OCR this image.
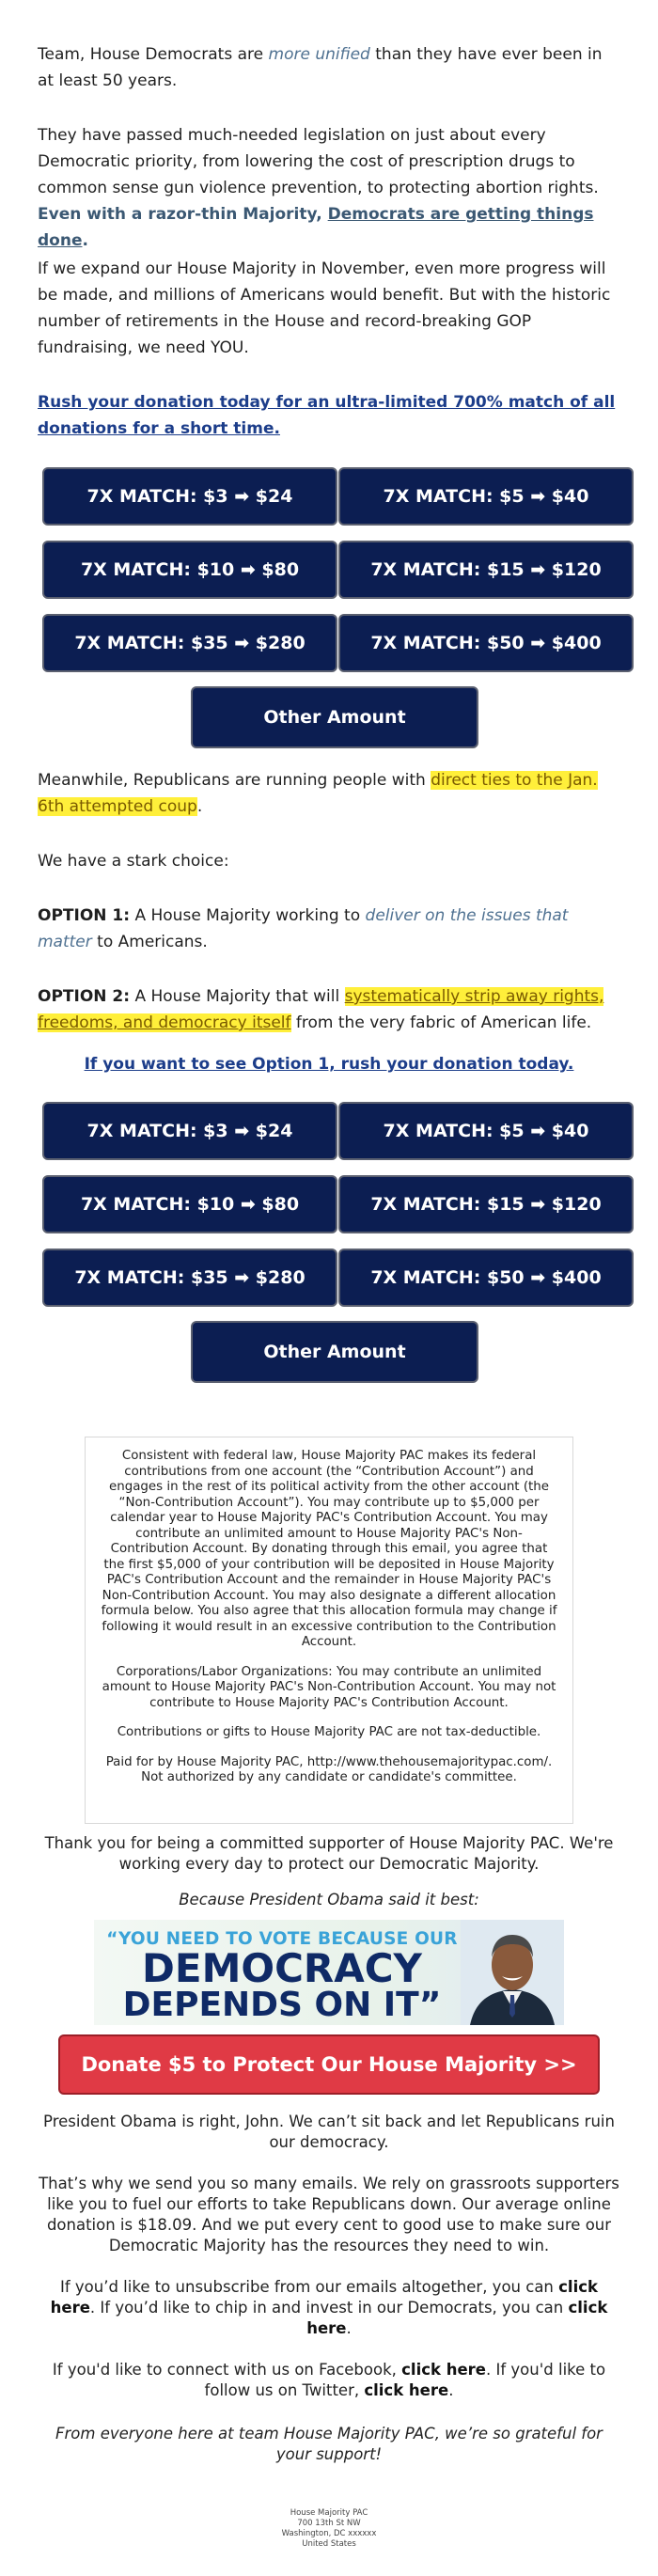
Team, House Democrats are more unified than they have ever been in at least 50 years.

They have passed much-needed legislation on just about every Democratic priority, from lowering the cost of prescription drugs to common sense gun violence prevention, to protecting abortion rights. Even with a razor-thin Majority, Democrats are getting things done.

If we expand our House Majority in November, even more progress will be made, and millions of Americans would benefit. But with the historic number of retirements in the House and record-breaking GOP fundraising, we need YOU.

Rush your donation today for an ultra-limited 700% match of all donations for a short time.

7X MATCH: $3 ➡ $24	7X MATCH: $5 ➡ $40
7X MATCH: $10 ➡ $80	7X MATCH: $15 ➡ $120
7X MATCH: $35 ➡ $280	7X MATCH: $50 ➡ $400
Other Amount

Meanwhile, Republicans are running people with direct ties to the Jan. 6th attempted coup.

We have a stark choice:

OPTION 1: A House Majority working to deliver on the issues that matter to Americans.

OPTION 2: A House Majority that will systematically strip away rights, freedoms, and democracy itself from the very fabric of American life.

If you want to see Option 1, rush your donation today.

7X MATCH: $3 ➡ $24	7X MATCH: $5 ➡ $40
7X MATCH: $10 ➡ $80	7X MATCH: $15 ➡ $120
7X MATCH: $35 ➡ $280	7X MATCH: $50 ➡ $400
Other Amount

Consistent with federal law, House Majority PAC makes its federal contributions from one account (the “Contribution Account”) and engages in the rest of its political activity from the other account (the “Non-Contribution Account”). You may contribute up to $5,000 per calendar year to House Majority PAC's Contribution Account. You may contribute an unlimited amount to House Majority PAC's Non-Contribution Account. By donating through this email, you agree that the first $5,000 of your contribution will be deposited in House Majority PAC's Contribution Account and the remainder in House Majority PAC's Non-Contribution Account. You may also designate a different allocation formula below. You also agree that this allocation formula may change if following it would result in an excessive contribution to the Contribution Account.

Corporations/Labor Organizations: You may contribute an unlimited amount to House Majority PAC's Non-Contribution Account. You may not contribute to House Majority PAC's Contribution Account.

Contributions or gifts to House Majority PAC are not tax-deductible.

Paid for by House Majority PAC, http://www.thehousemajoritypac.com/. Not authorized by any candidate or candidate's committee.

Thank you for being a committed supporter of House Majority PAC. We're working every day to protect our Democratic Majority.
Because President Obama said it best:
“YOU NEED TO VOTE BECAUSE OUR
DEMOCRACY
DEPENDS ON IT”
Donate $5 to Protect Our House Majority >>
President Obama is right, John. We can’t sit back and let Republicans ruin our democracy.
That’s why we send you so many emails. We rely on grassroots supporters like you to fuel our efforts to take Republicans down. Our average online donation is $18.09. And we put every cent to good use to make sure our Democratic Majority has the resources they need to win.
If you’d like to unsubscribe from our emails altogether, you can click here. If you’d like to chip in and invest in our Democrats, you can click here.
If you'd like to connect with us on Facebook, click here. If you'd like to follow us on Twitter, click here.
From everyone here at team House Majority PAC, we’re so grateful for your support!
House Majority PAC
700 13th St NW
Washington, DC xxxxxx
United States
